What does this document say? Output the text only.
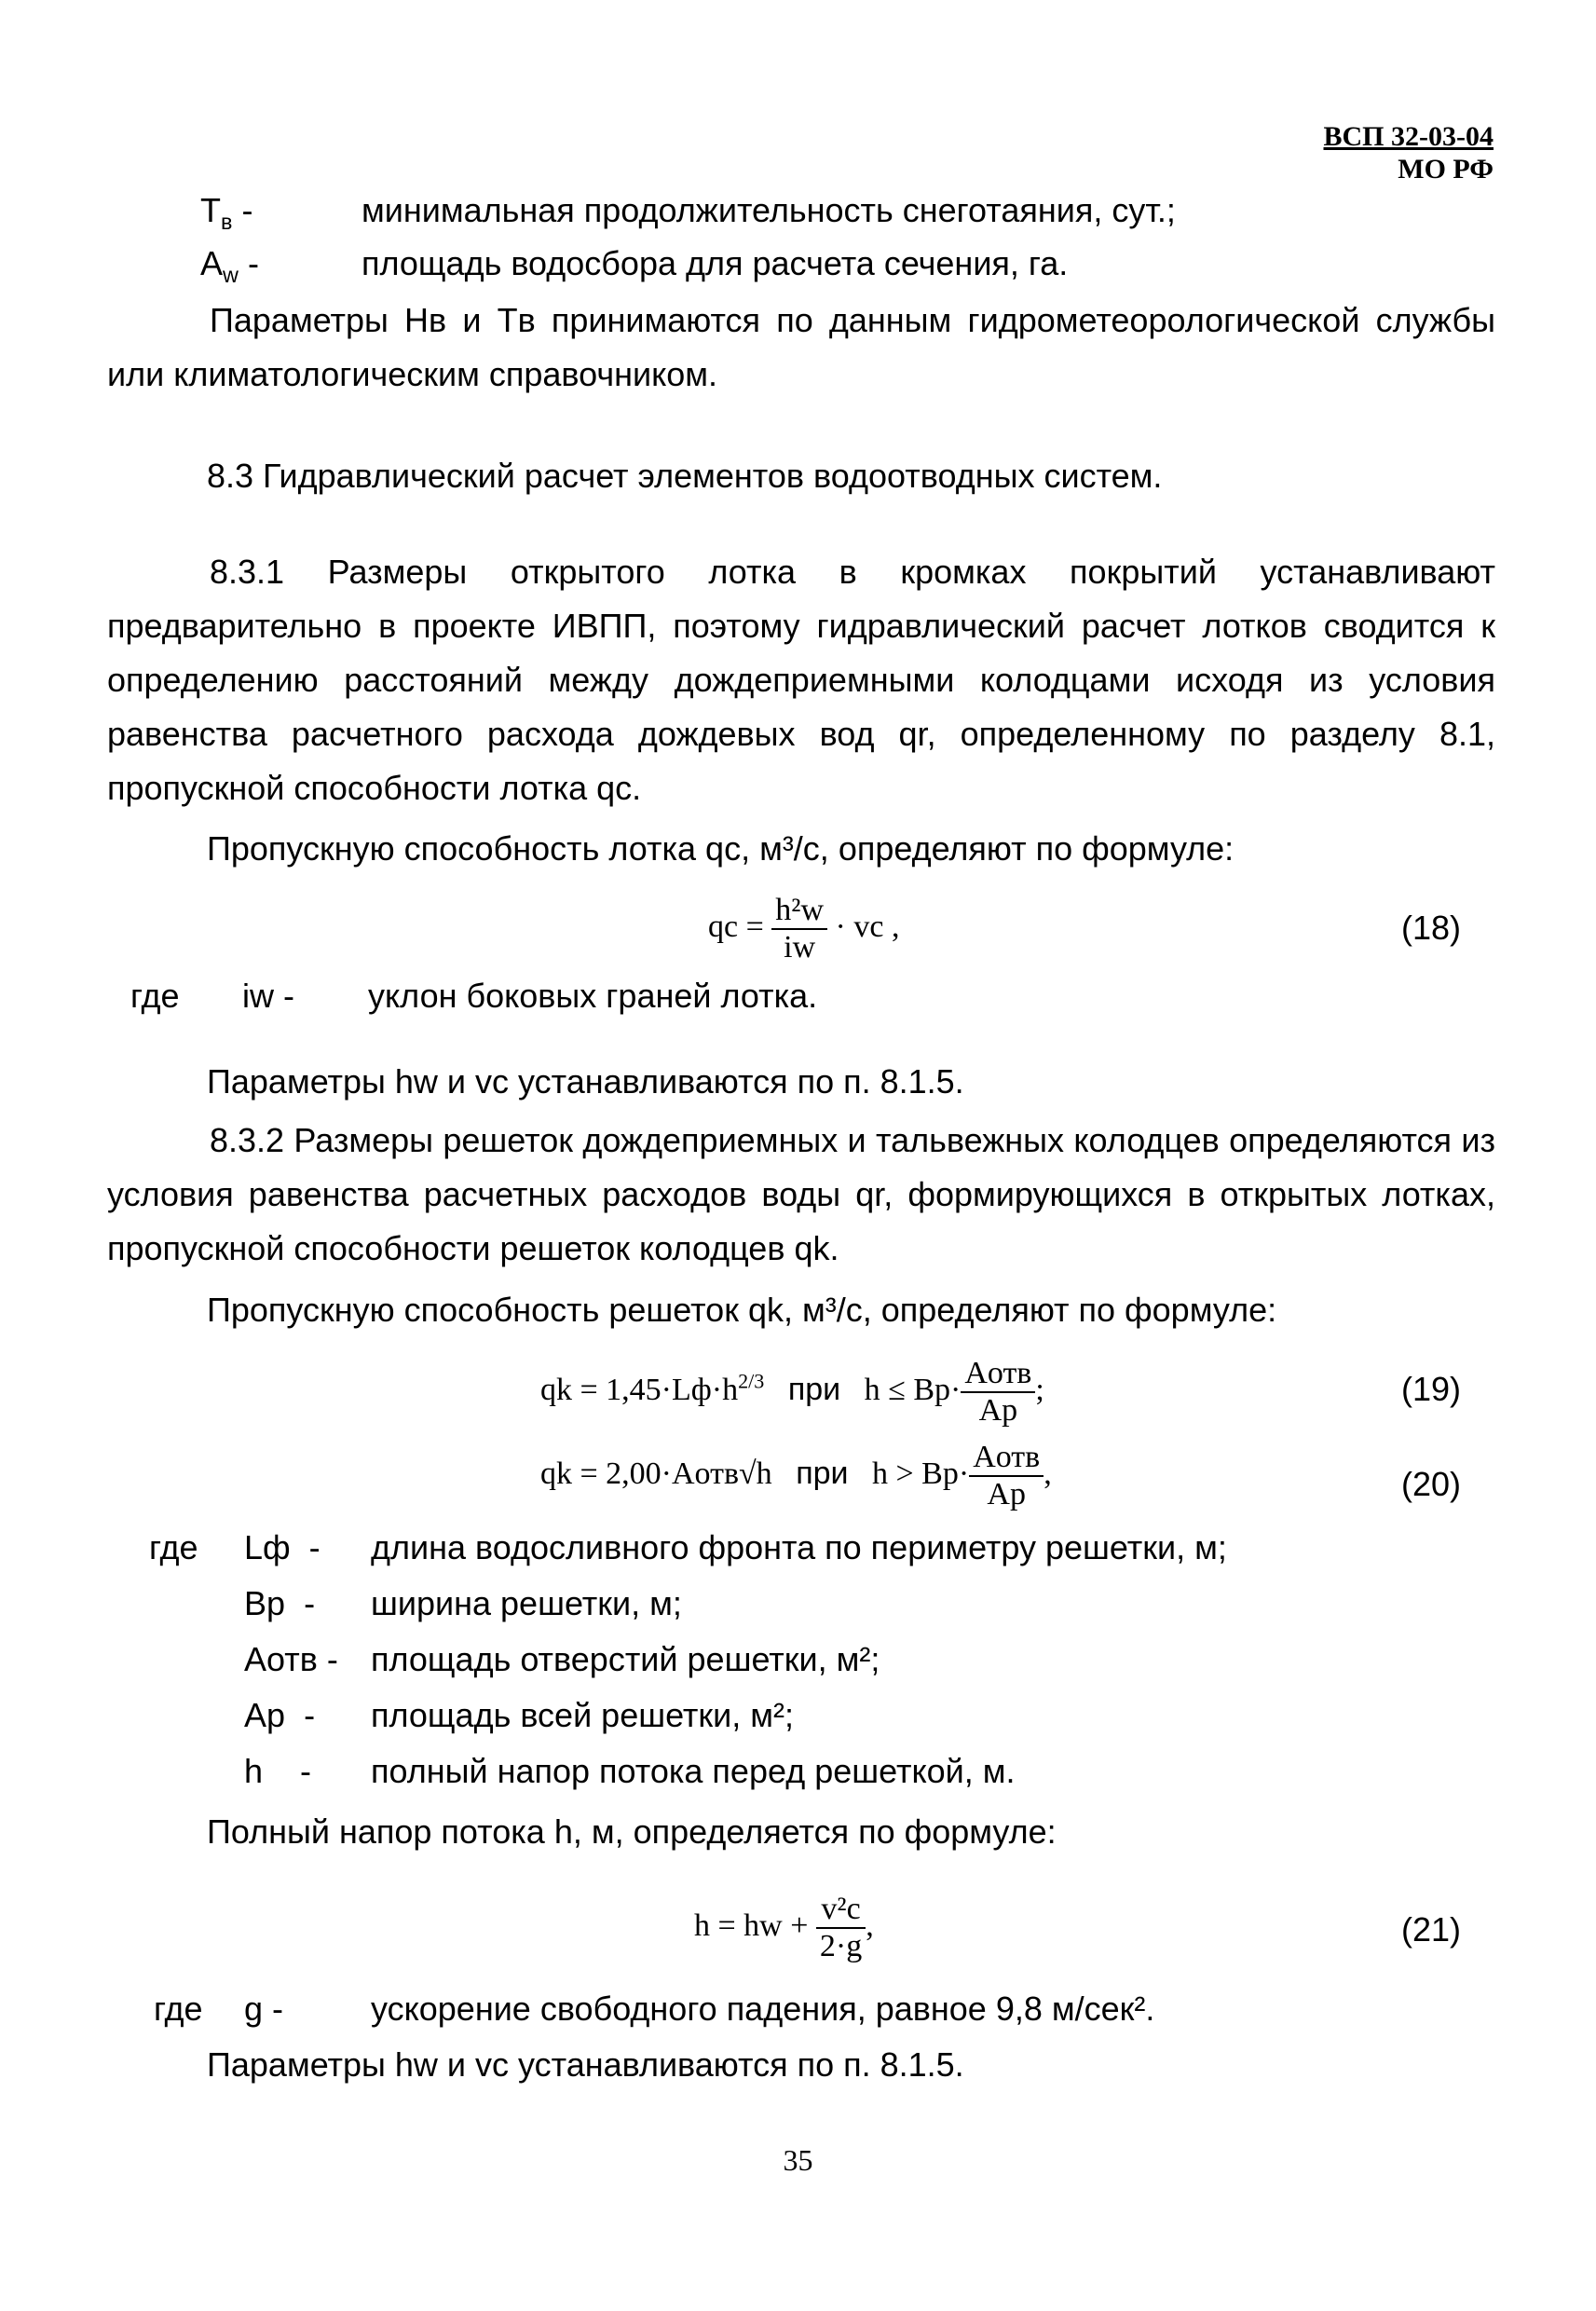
ВСП 32-03-04
МО РФ
$T_в$ -	минимальная продолжительность снеготаяния, сут.;
$A_w$ -	площадь водосбора для расчета сечения, га.
Параметры Hв и Tв принимаются по данным гидрометеорологической службы или климатологическим справочником.
8.3 Гидравлический расчет элементов водоотводных систем.
8.3.1 Размеры открытого лотка в кромках покрытий устанавливают предварительно в проекте ИВПП, поэтому гидравлический расчет лотков сводится к определению расстояний между дождеприемными колодцами исходя из условия равенства расчетного расхода дождевых вод qr, определенному по разделу 8.1, пропускной способности лотка qc.
Пропускную способность лотка qc, м³/с, определяют по формуле:
qc = $\frac{\text{h²w}}{iw}$ · vc ,	(18)
где iw - уклон боковых граней лотка.
Параметры hw и vc устанавливаются по п. 8.1.5.
8.3.2 Размеры решеток дождеприемных и тальвежных колодцев определяются из условия равенства расчетных расходов воды qr, формирующихся в открытых лотках, пропускной способности решеток колодцев qk.
Пропускную способность решеток qk, м³/с, определяют по формуле:
qk = $1,45\cdot Lф\cdot h^{2/3}$ при $h \le Bр\cdot \frac{\text{Aотв}}{Aр}$ ;	(19)
qk = 2,00·Aотв√h при $h > Bр\cdot \frac{\text{Aотв}}{Aр}$ ,	(20)
где Lф - длина водосливного фронта по периметру решетки, м;
Bр - ширина решетки, м;
Aотв - площадь отверстий решетки, м²;
Aр - площадь всей решетки, м²;
h - полный напор потока перед решеткой, м.
Полный напор потока h, м, определяется по формуле:
h = hw + $\frac{\text{v²c}}{2\cdot g}$ ,	(21)
где g -	ускорение свободного падения, равное 9,8 м/сек².
Параметры hw и vc устанавливаются по п. 8.1.5.
35
